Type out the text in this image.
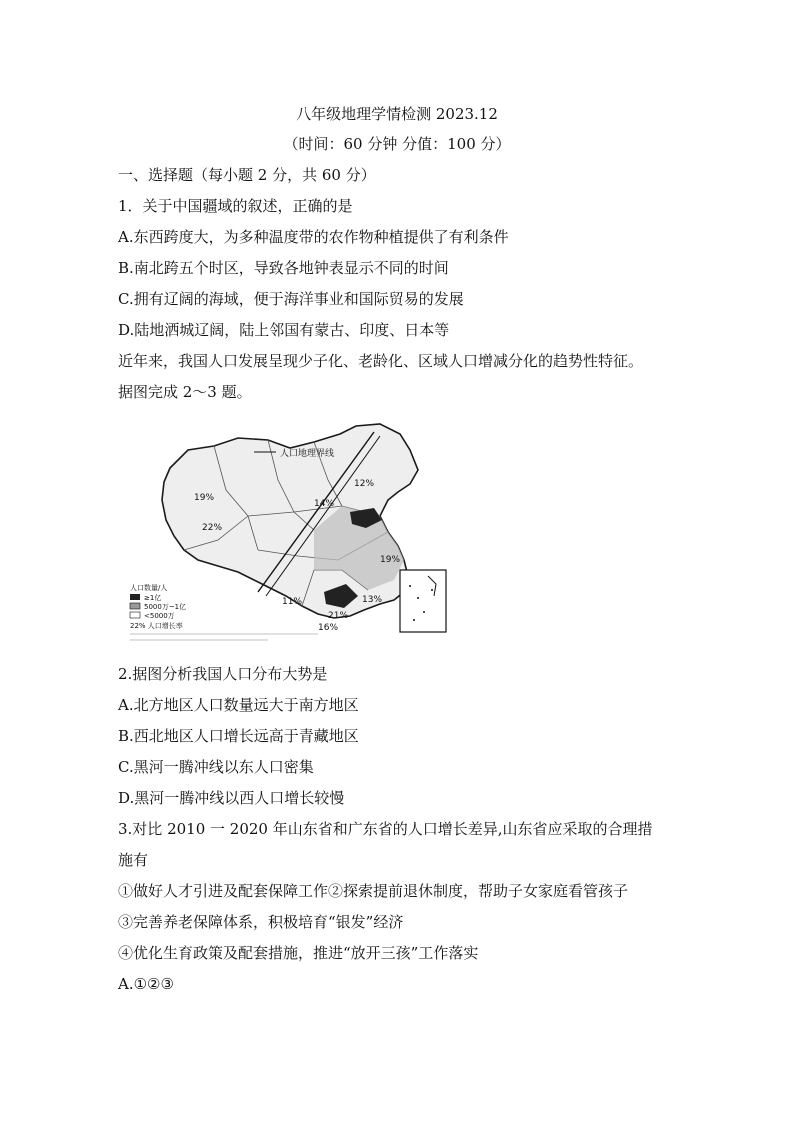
八年级地理学情检测 2023.12
（时间：60 分钟 分值：100 分）
一、选择题（每小题 2 分，共 60 分）
1．关于中国疆域的叙述，正确的是
A.东西跨度大，为多种温度带的农作物种植提供了有利条件
B.南北跨五个时区，导致各地钟表显示不同的时间
C.拥有辽阔的海域，便于海洋事业和国际贸易的发展
D.陆地洒城辽阔，陆上邻国有蒙古、印度、日本等
近年来，我国人口发展呈现少子化、老龄化、区域人口增减分化的趋势性特征。
据图完成 2～3 题。
人口地理界线
19%
22%
12%
14%
19%
11%
21%
13%
16%
人口数量/人
≥1亿
5000万~1亿
<5000万
22% 人口增长率
2.据图分析我国人口分布大势是
A.北方地区人口数量远大于南方地区
B.西北地区人口增长远高于青藏地区
C.黑河一腾冲线以东人口密集
D.黑河一腾冲线以西人口增长较慢
3.对比 2010 一 2020 年山东省和广东省的人口增长差异,山东省应采取的合理措
施有
①做好人才引进及配套保障工作②探索提前退休制度，帮助子女家庭看管孩子
③完善养老保障体系，积极培育“银发”经济
④优化生育政策及配套措施，推进“放开三孩”工作落实
A.①②③
